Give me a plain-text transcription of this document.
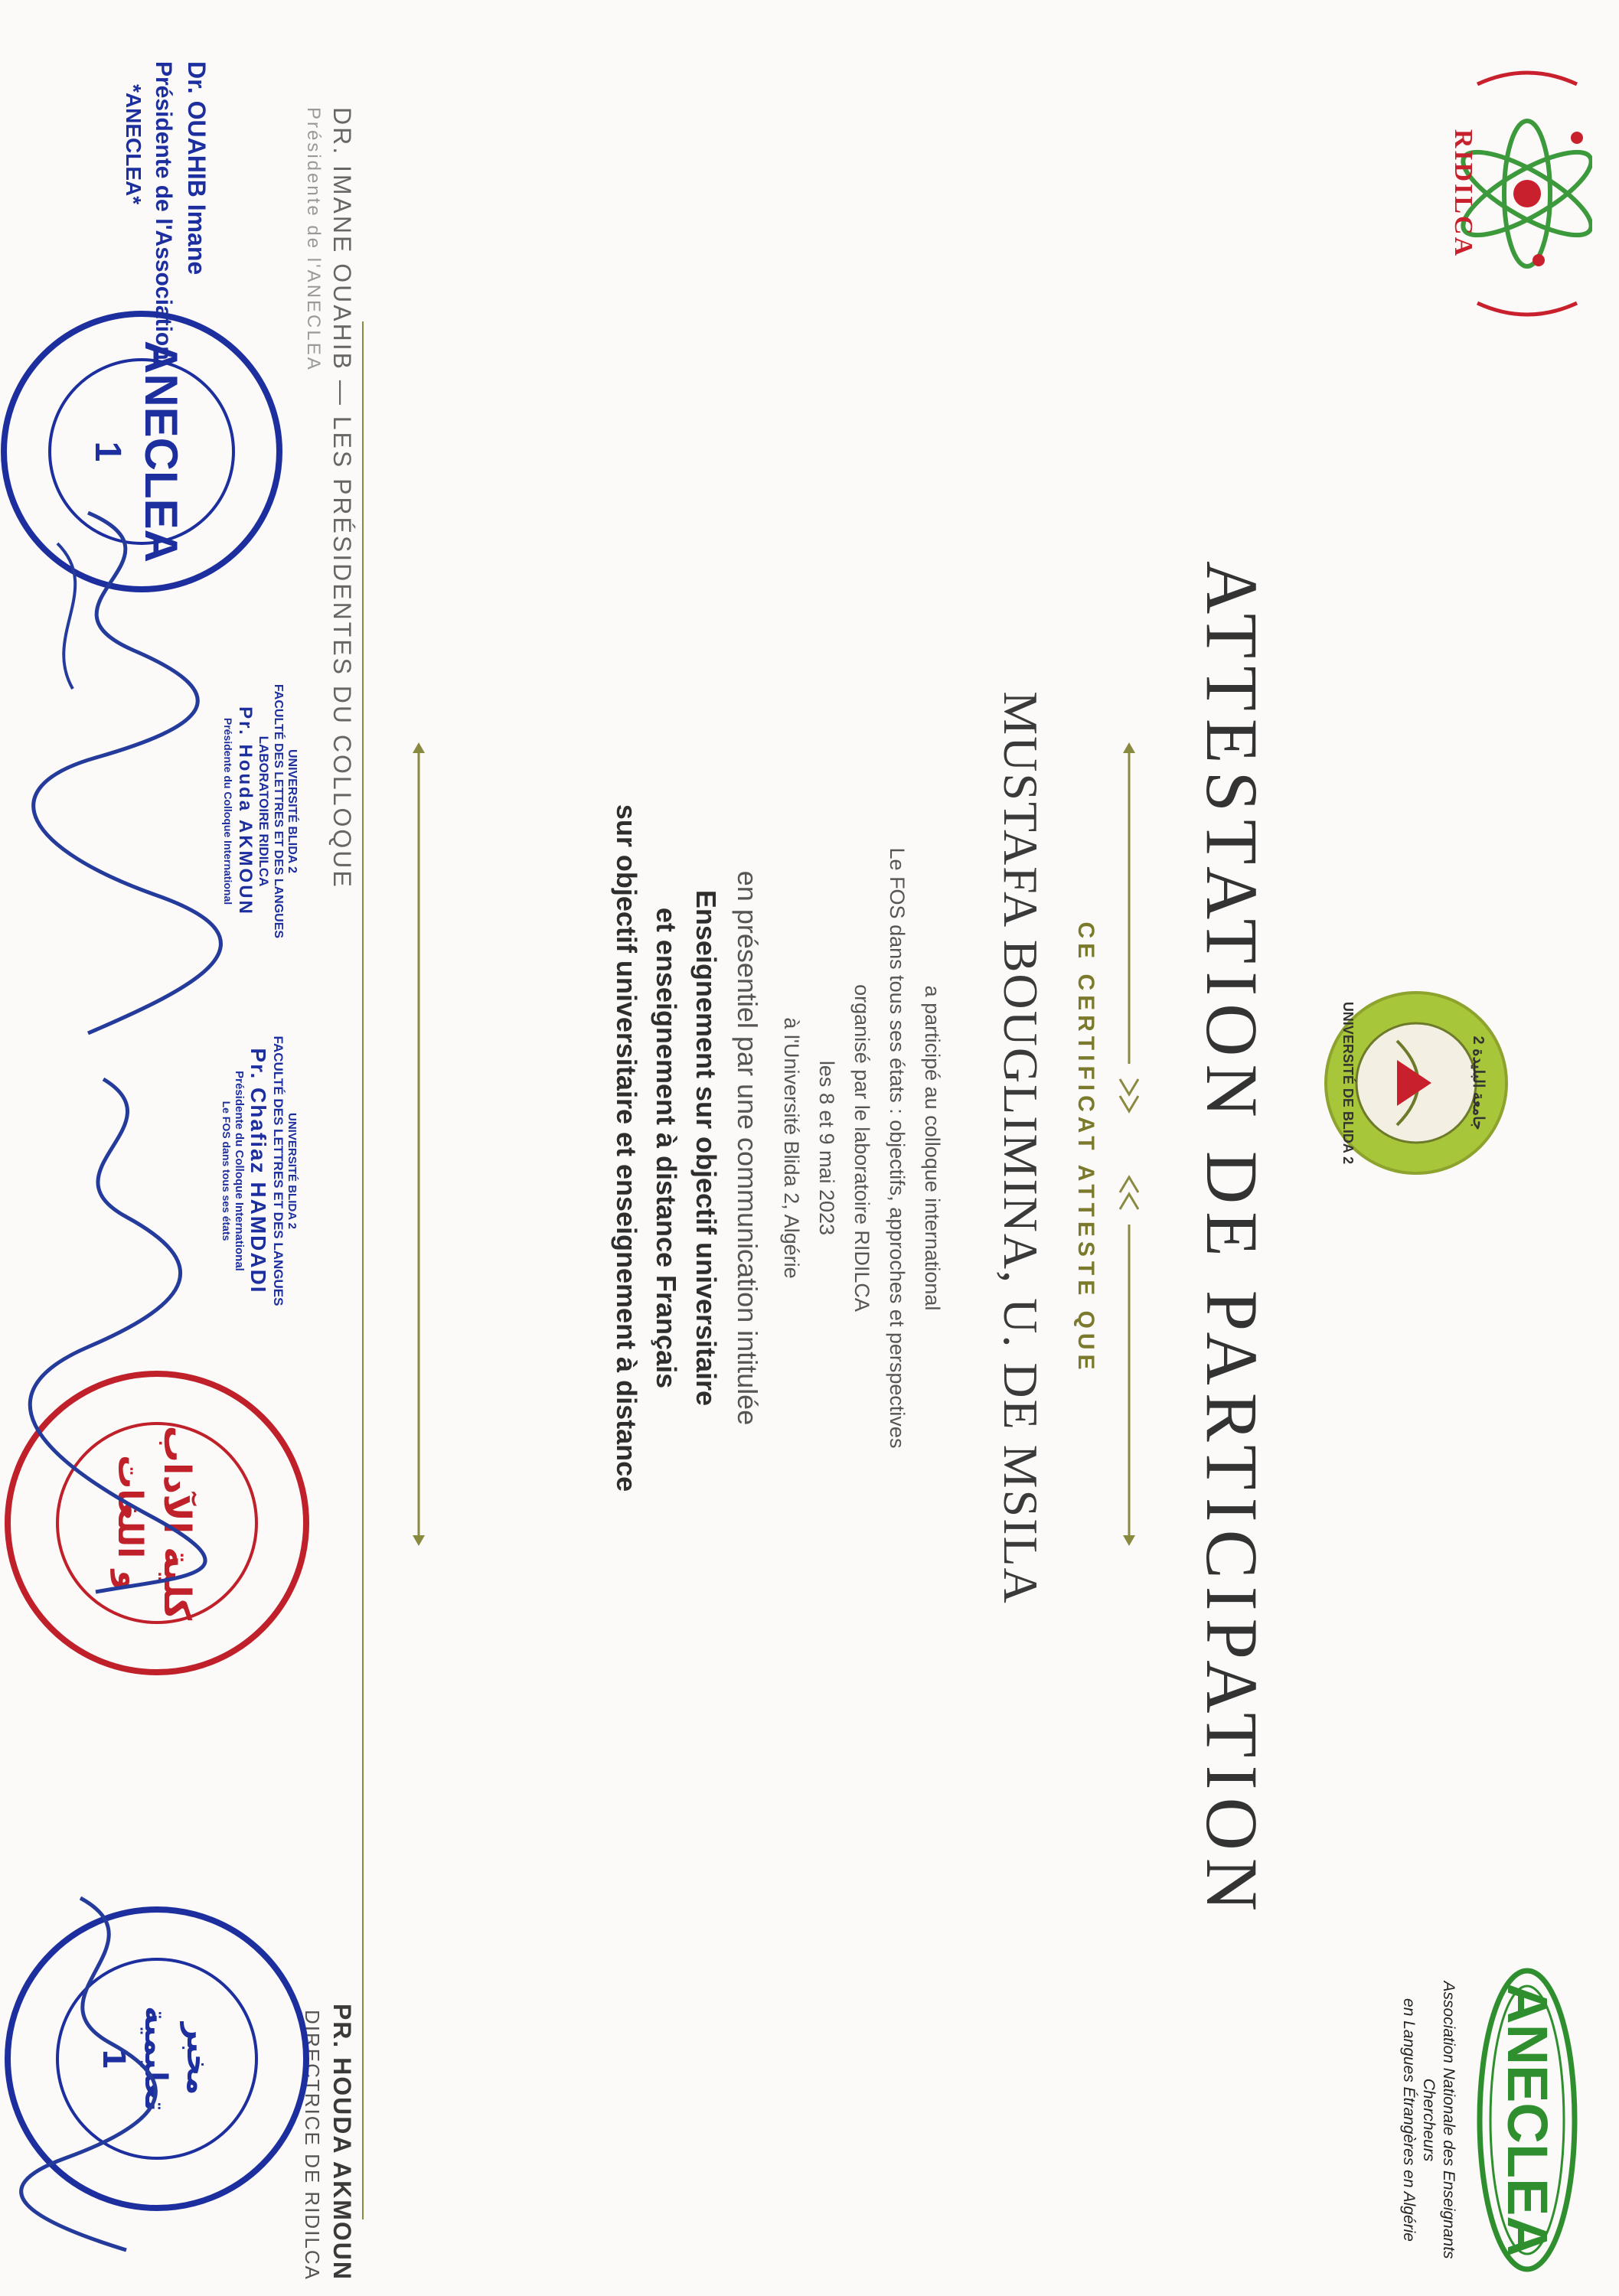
RIDILCA
جامعة البليدة 2
UNIVERSITÉ DE BLIDA 2
ANECLEA
Association Nationale des Enseignants Chercheurs
en Langues Étrangères en Algérie
ATTESTATION DE PARTICIPATION
CE CERTIFICAT ATTESTE QUE
MUSTAFA BOUGLIMINA, U. DE MSILA
a participé au colloque international
Le FOS dans tous ses états : objectifs, approches et perspectives
organisé par le laboratoire RIDILCA
les 8 et 9 mai 2023
à l'Université Blida 2, Algérie
en présentiel par une communication intitulée
Enseignement sur objectif universitaire
et enseignement à distance Français
sur objectif universitaire et enseignement à distance
DR. IMANE OUAHIB — LES PRÉSIDENTES DU COLLOQUE
Présidente de l'ANECLEA
PR. HOUDA AKMOUN
DIRECTRICE DE RIDILCA
Dr. OUAHIB Imane
Présidente de l'Association
*ANECLEA*
UNIVERSITÉ BLIDA 2
FACULTÉ DES LETTRES ET DES LANGUES
LABORATOIRE RIDILCA
Pr. Houda AKMOUN
Présidente du Colloque International
UNIVERSITÉ BLIDA 2
FACULTÉ DES LETTRES ET DES LANGUES
Pr. Chafiaz HAMDADI
Présidente du Colloque International
Le FOS dans tous ses états
ANECLEA
1
كلية الآداب
و اللغات
مخبر
تعليمية
1
